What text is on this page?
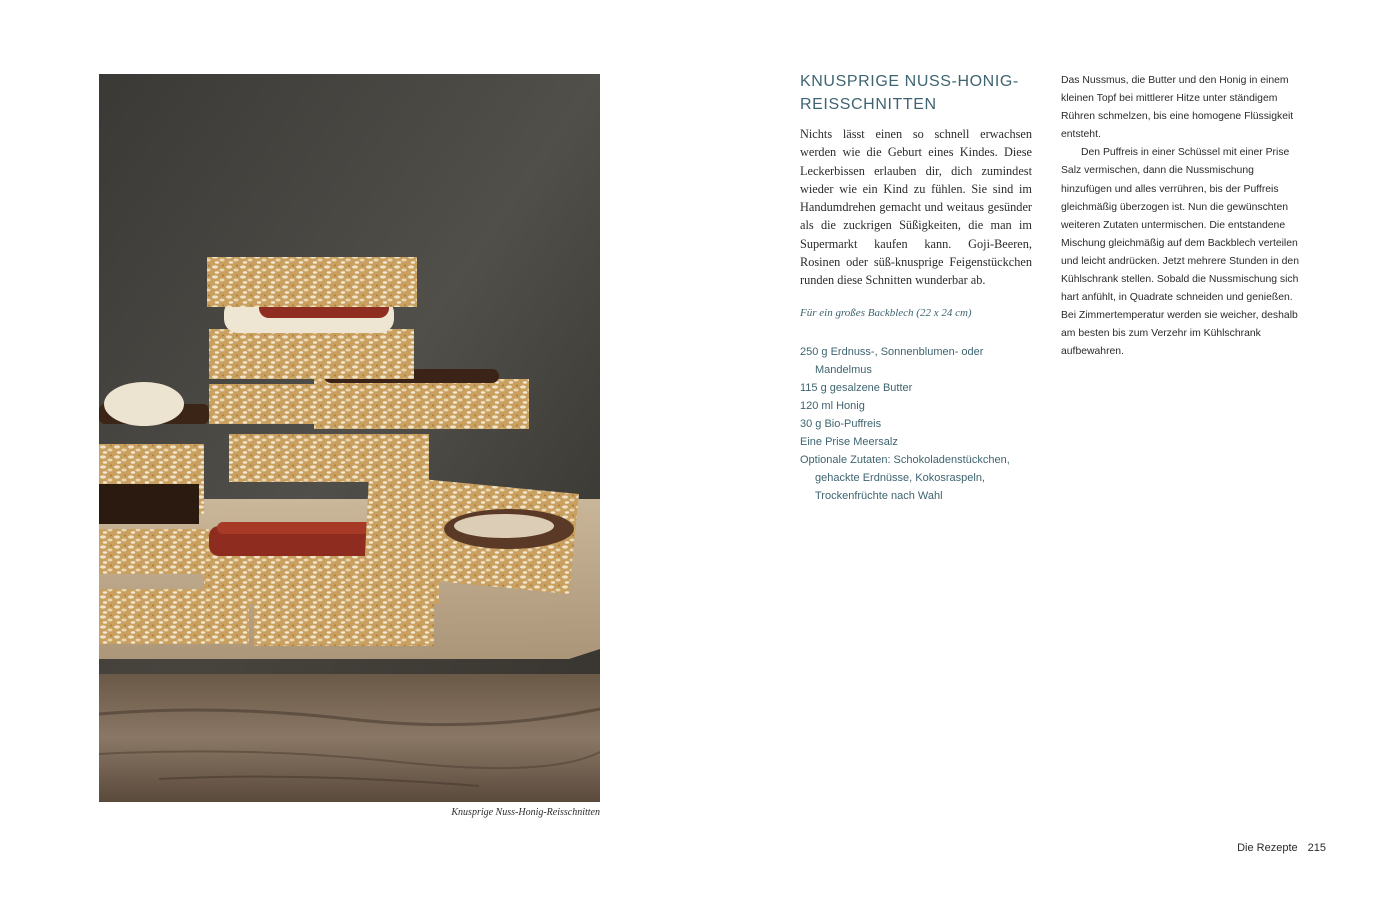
Knusprige Nuss-Honig-Reisschnitten
KNUSPRIGE NUSS-HONIG-REISSCHNITTEN
Nichts lässt einen so schnell erwachsen werden wie die Geburt eines Kindes. Diese Leckerbissen erlauben dir, dich zumindest wieder wie ein Kind zu fühlen. Sie sind im Handumdrehen gemacht und weitaus gesünder als die zuckrigen Süßigkeiten, die man im Supermarkt kaufen kann. Goji-Beeren, Rosinen oder süß-knusprige Feigenstückchen runden diese Schnitten wunderbar ab.
Für ein großes Backblech (22 x 24 cm)
250 g Erdnuss-, Sonnenblumen- oder Mandelmus
115 g gesalzene Butter
120 ml Honig
30 g Bio-Puffreis
Eine Prise Meersalz
Optionale Zutaten: Schokoladenstückchen, gehackte Erdnüsse, Kokosraspeln, Trockenfrüchte nach Wahl

Das Nussmus, die Butter und den Honig in einem kleinen Topf bei mittlerer Hitze unter ständigem Rühren schmelzen, bis eine homogene Flüssigkeit entsteht.

Den Puffreis in einer Schüssel mit einer Prise Salz vermischen, dann die Nussmischung hinzufügen und alles verrühren, bis der Puffreis gleichmäßig überzogen ist. Nun die gewünschten weiteren Zutaten untermischen. Die entstandene Mischung gleichmäßig auf dem Backblech verteilen und leicht andrücken. Jetzt mehrere Stunden in den Kühlschrank stellen. Sobald die Nussmischung sich hart anfühlt, in Quadrate schneiden und genießen. Bei Zimmertemperatur werden sie weicher, deshalb am besten bis zum Verzehr im Kühlschrank aufbewahren.

Die Rezepte 215
